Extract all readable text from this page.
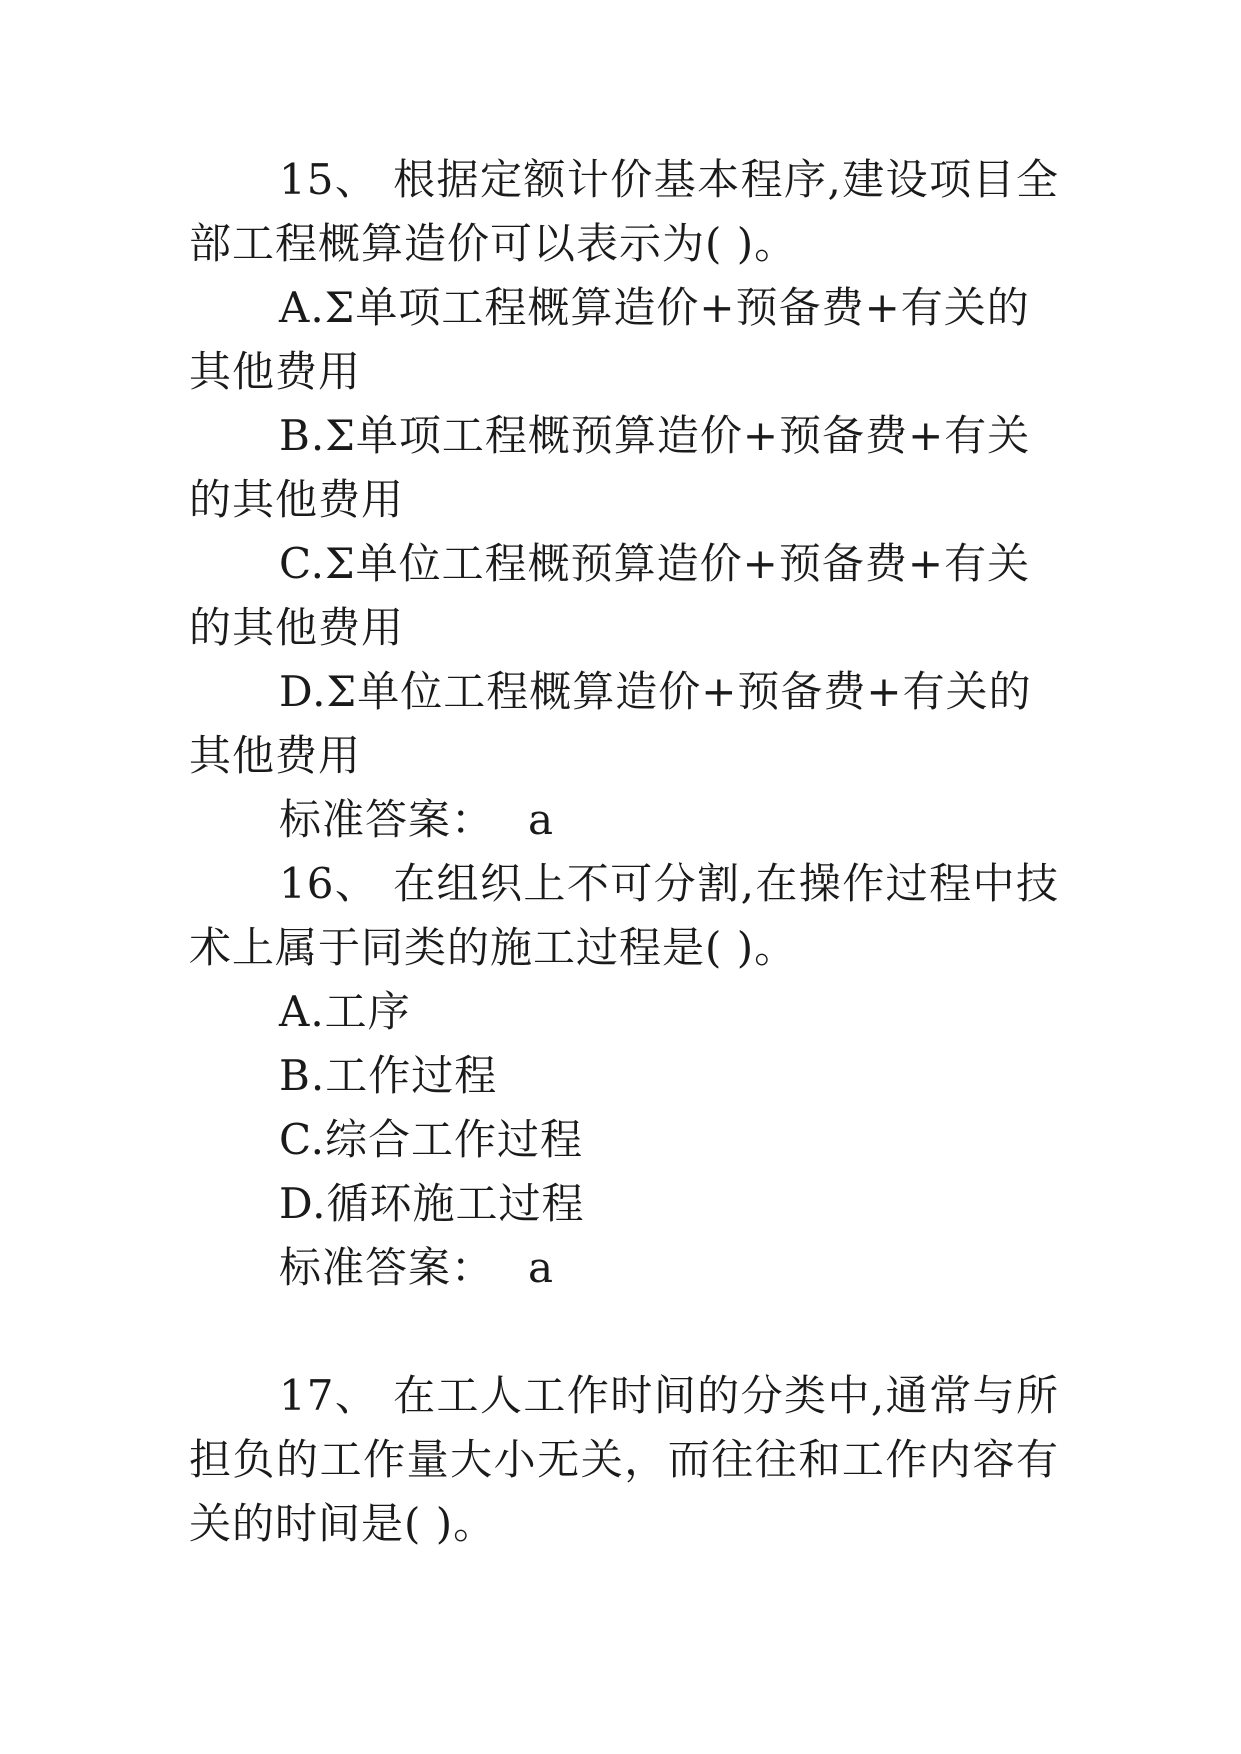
15、 根据定额计价基本程序,建设项目全部工程概算造价可以表示为( )。

A.Σ单项工程概算造价+预备费+有关的其他费用

B.Σ单项工程概预算造价+预备费+有关的其他费用

C.Σ单位工程概预算造价+预备费+有关的其他费用

D.Σ单位工程概算造价+预备费+有关的其他费用

标准答案： a

16、 在组织上不可分割,在操作过程中技术上属于同类的施工过程是( )。

A.工序

B.工作过程

C.综合工作过程

D.循环施工过程

标准答案： a

17、 在工人工作时间的分类中,通常与所担负的工作量大小无关，而往往和工作内容有关的时间是( )。
